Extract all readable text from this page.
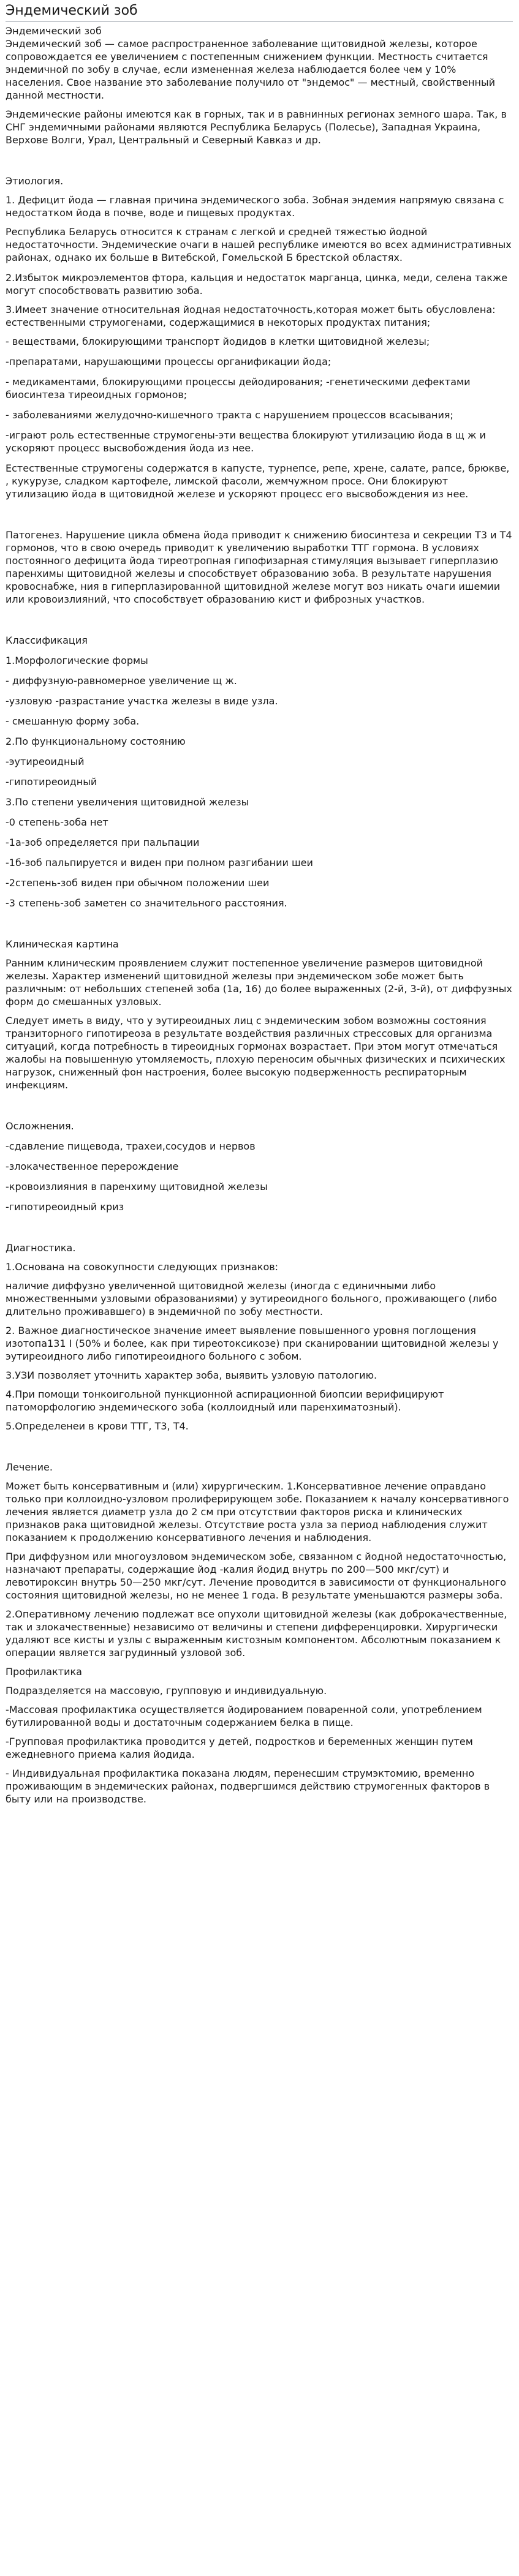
Эндемический зоб
Эндемический зоб

Эндемический зоб — самое распространенное заболевание щитовидной железы, которое сопровождается ее увеличением с постепенным снижением функции. Местность считается эндемичной по зобу в случае, если измененная железа наблюдается более чем у 10% населения. Свое название это заболевание получило от "эндемос" — местный, свойственный данной местности.

Эндемические районы имеются как в горных, так и в равнинных регионах земного шара. Так, в СНГ эндемичными районами являются Республика Беларусь (Полесье), Западная Украина, Верхове Волги, Урал, Центральный и Северный Кавказ и др.

Этиология.

1. Дефицит йода — главная причина эндемического зоба. Зобная эндемия напрямую связана с недостатком йода в почве, воде и пищевых продуктах.

Республика Беларусь относится к странам с легкой и средней тяжестью йодной недостаточности. Эндемические очаги в нашей республике имеются во всех административных районах, однако их больше в Витебской, Гомельской Б брестской областях.

2.Избыток микроэлементов фтора, кальция и недостаток марганца, цинка, меди, селена также могут способствовать развитию зоба.

3.Имеет значение относительная йодная недостаточность,которая может быть обусловлена: естественными струмогенами, содержащимися в некоторых продуктах питания;

- веществами, блокирующими транспорт йодидов в клетки щитовидной железы;

-препаратами, нарушающими процессы органификации йода;

- медикаментами, блокирующими процессы дейодирования; -генетическими дефектами биосинтеза тиреоидных гормонов;

- заболеваниями желудочно-кишечного тракта с нарушением процессов всасывания;

-играют роль естественные струмогены-эти вещества блокируют утилизацию йода в щ ж и ускоряют процесс высвобождения йода из нее.

Естественные струмогены содержатся в капусте, турнепсе, репе, хрене, салате, рапсе, брюкве, , кукурузе, сладком картофеле, лимской фасоли, жемчужном просе. Они блокируют утилизацию йода в щитовидной железе и ускоряют процесс его высвобождения из нее.

Патогенез. Нарушение цикла обмена йода приводит к снижению биосинтеза и секреции Т3 и Т4 гормонов, что в свою очередь приводит к увеличению выработки ТТГ гормона. В условиях постоянного дефицита йода тиреотропная гипофизарная стимуляция вызывает гиперплазию паренхимы щитовидной железы и способствует образованию зоба. В результате нарушения кровоснабже, ния в гиперплазированной щитовидной железе могут воз никать очаги ишемии или кровоизлияний, что способствует образованию кист и фиброзных участков.

Классификация

1.Морфологические формы

- диффузную-равномерное увеличение щ ж.

-узловую -разрастание участка железы в виде узла.

- смешанную форму зоба.

2.По функциональному состоянию

-эутиреоидный

-гипотиреоидный

3.По степени увеличения щитовидной железы

-0 степень-зоба нет

-1а-зоб определяется при пальпации

-1б-зоб пальпируется и виден при полном разгибании шеи

-2степень-зоб виден при обычном положении шеи

-3 степень-зоб заметен со значительного расстояния.

Клиническая картина

Ранним клиническим проявлением служит постепенное увеличение размеров щитовидной железы. Характер изменений щитовидной железы при эндемическом зобе может быть различным: от небольших степеней зоба (1а, 16) до более выраженных (2-й, 3-й), от диффузных форм до смешанных узловых.

Следует иметь в виду, что у эутиреоидных лиц с эндемическим зобом возможны состояния транзиторного гипотиреоза в результате воздействия различных стрессовых для организма ситуаций, когда потребность в тиреоидных гормонах возрастает. При этом могут отмечаться жалобы на повышенную утомляемость, плохую переносим обычных физических и психических нагрузок, сниженный фон настроения, более высокую подверженность респираторным инфекциям.

Осложнения.

-сдавление пищевода, трахеи,сосудов и нервов

-злокачественное перерождение

-кровоизлияния в паренхиму щитовидной железы

-гипотиреоидный криз

Диагностика.

1.Основана на совокупности следующих признаков:

наличие диффузно увеличенной щитовидной железы (иногда с единичными либо множественными узловыми образованиями) у эутиреоидного больного, проживающего (либо длительно проживавшего) в эндемичной по зобу местности.

2. Важное диагностическое значение имеет выявление повышенного уровня поглощения изотопа131 I (50% и более, как при тиреотоксикозе) при сканировании щитовидной железы у эутиреоидного либо гипотиреоидного больного с зобом.

3.УЗИ позволяет уточнить характер зоба, выявить узловую патологию.

4.При помощи тонкоигольной пункционной аспирационной биопсии верифицируют патоморфологию эндемического зоба (коллоидный или паренхиматозный).

5.Определенеи в крови ТТГ, Т3, Т4.

Лечение.

Может быть консервативным и (или) хирургическим. 1.Консервативное лечение оправдано только при коллоидно-узловом пролиферирующем зобе. Показанием к началу консервативного лечения является диаметр узла до 2 см при отсутствии факторов риска и клинических признаков рака щитовидной железы. Отсутствие роста узла за период наблюдения служит показанием к продолжению консервативного лечения и наблюдения.

При диффузном или многоузловом эндемическом зобе, связанном с йодной недостаточностью, назначают препараты, содержащие йод -калия йодид внутрь по 200—500 мкг/сут) и левотироксин внутрь 50—250 мкг/сут. Лечение проводится в зависимости от функционального состояния щитовидной железы, но не менее 1 года. В результате уменьшаются размеры зоба.

2.Оперативному лечению подлежат все опухоли щитовидной железы (как доброкачественные, так и злокачественные) независимо от величины и степени дифференцировки. Хирургически удаляют все кисты и узлы с выраженным кистозным компонентом. Абсолютным показанием к операции является загрудинный узловой зоб.

Профилактика

Подразделяется на массовую, групповую и индивидуальную.

-Массовая профилактика осуществляется йодированием поваренной соли, употреблением бутилированной воды и достаточным содержанием белка в пище.

-Групповая профилактика проводится у детей, подростков и беременных женщин путем ежедневного приема калия йодида.

- Индивидуальная профилактика показана людям, перенесшим струмэктомию, временно проживающим в эндемических районах, подвергшимся действию струмогенных факторов в быту или на производстве.
